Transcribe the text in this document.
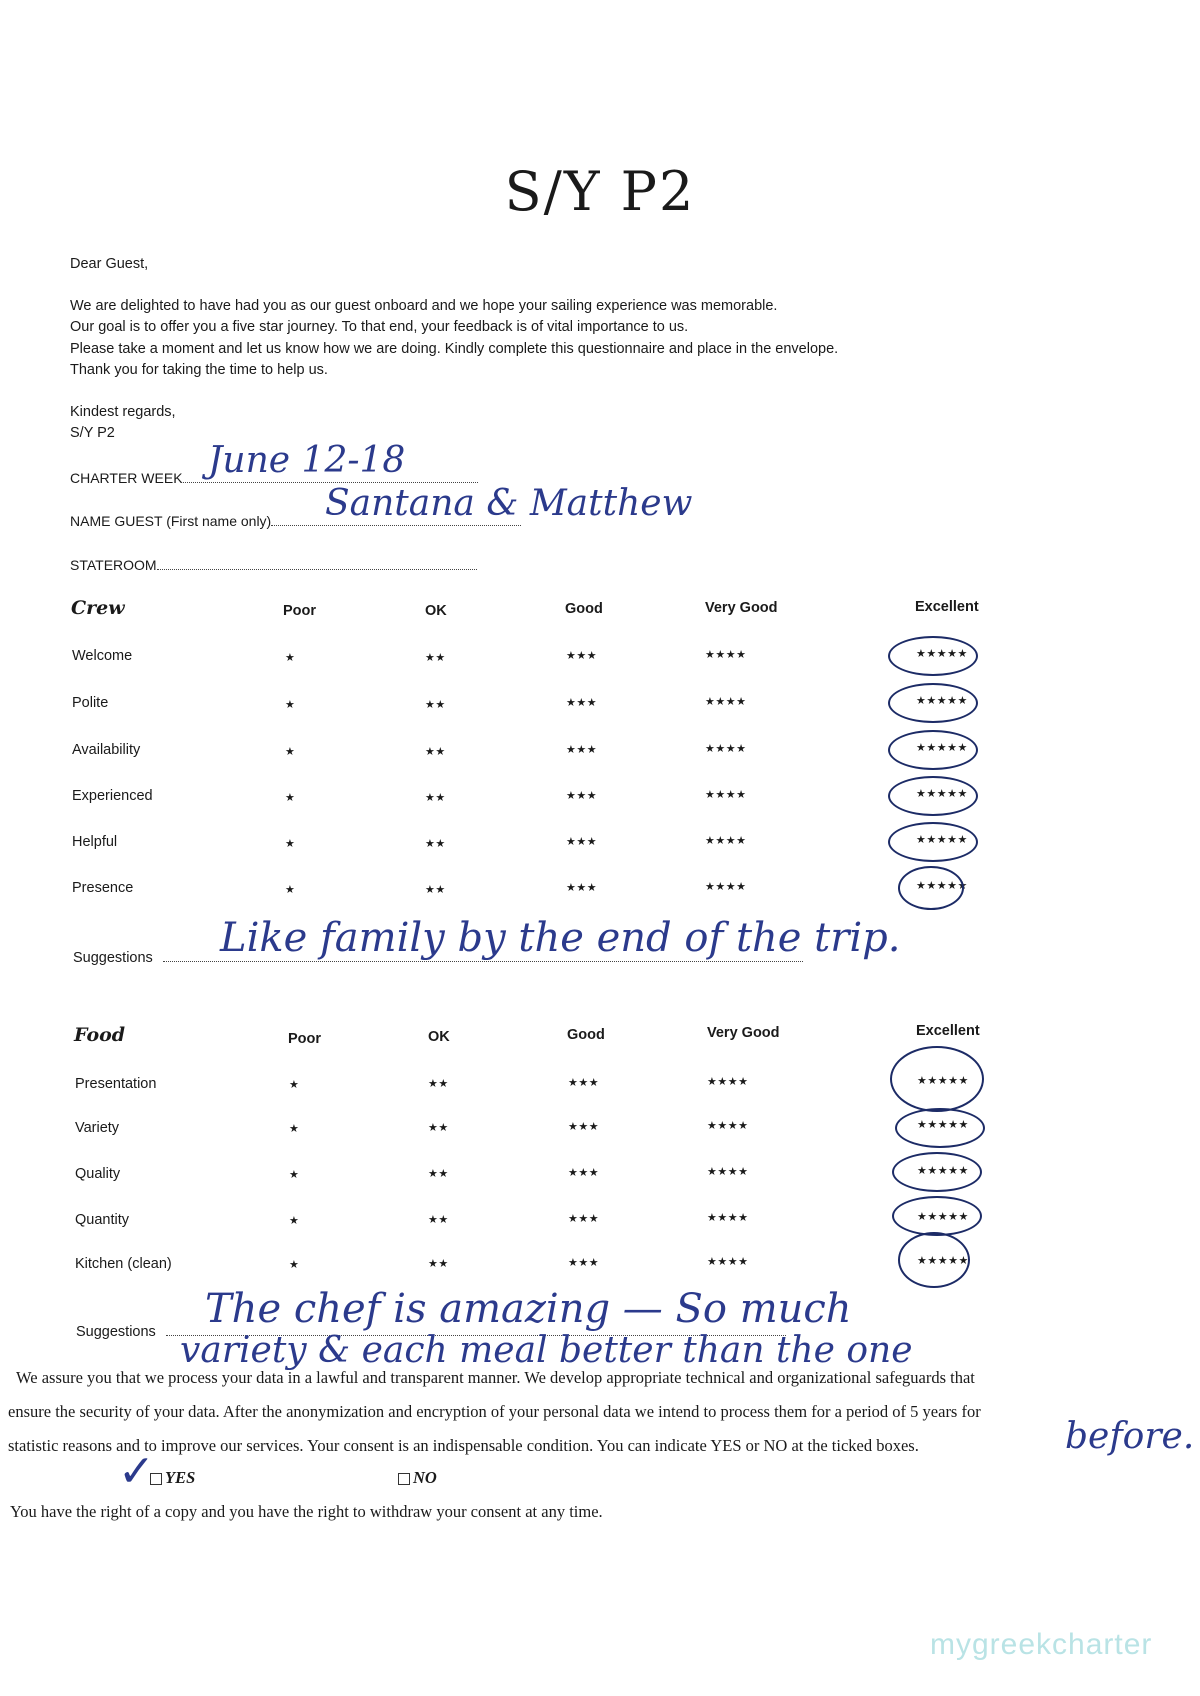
S/Y P2

Dear Guest,

We are delighted to have had you as our guest onboard and we hope your sailing experience was memorable.

Our goal is to offer you a five star journey. To that end, your feedback is of vital importance to us.

Please take a moment and let us know how we are doing. Kindly complete this questionnaire and place in the envelope.

Thank you for taking the time to help us.

Kindest regards,

S/Y P2

CHARTER WEEK June 12-18
NAME GUEST (First name only)	Santana & Matthew
STATEROOM
Crew	Poor	OK	Good	Very Good	Excellent
Welcome	★	★★	★★★	★★★★	★★★★★
Polite	★	★★	★★★	★★★★	★★★★★
Availability	★	★★	★★★	★★★★	★★★★★
Experienced	★	★★	★★★	★★★★	★★★★★
Helpful	★	★★	★★★	★★★★	★★★★★
Presence	★	★★	★★★	★★★★	★★★★★
Suggestions	Like family by the end of the trip.
Food	Poor	OK	Good	Very Good	Excellent
Presentation	★	★★	★★★	★★★★	★★★★★
Variety	★	★★	★★★	★★★★	★★★★★
Quality	★	★★	★★★	★★★★	★★★★★
Quantity	★	★★	★★★	★★★★	★★★★★
Kitchen (clean)	★	★★	★★★	★★★★	★★★★★
Suggestions	The chef is amazing — So much
variety & each meal better than the one
before.
We assure you that we process your data in a lawful and transparent manner. We develop appropriate technical and organizational safeguards that
ensure the security of your data. After the anonymization and encryption of your personal data we intend to process them for a period of 5 years for
statistic reasons and to improve our services. Your consent is an indispensable condition. You can indicate YES or NO at the ticked boxes.
YES
✓	NO
You have the right of a copy and you have the right to withdraw your consent at any time.
mygreekcharter
